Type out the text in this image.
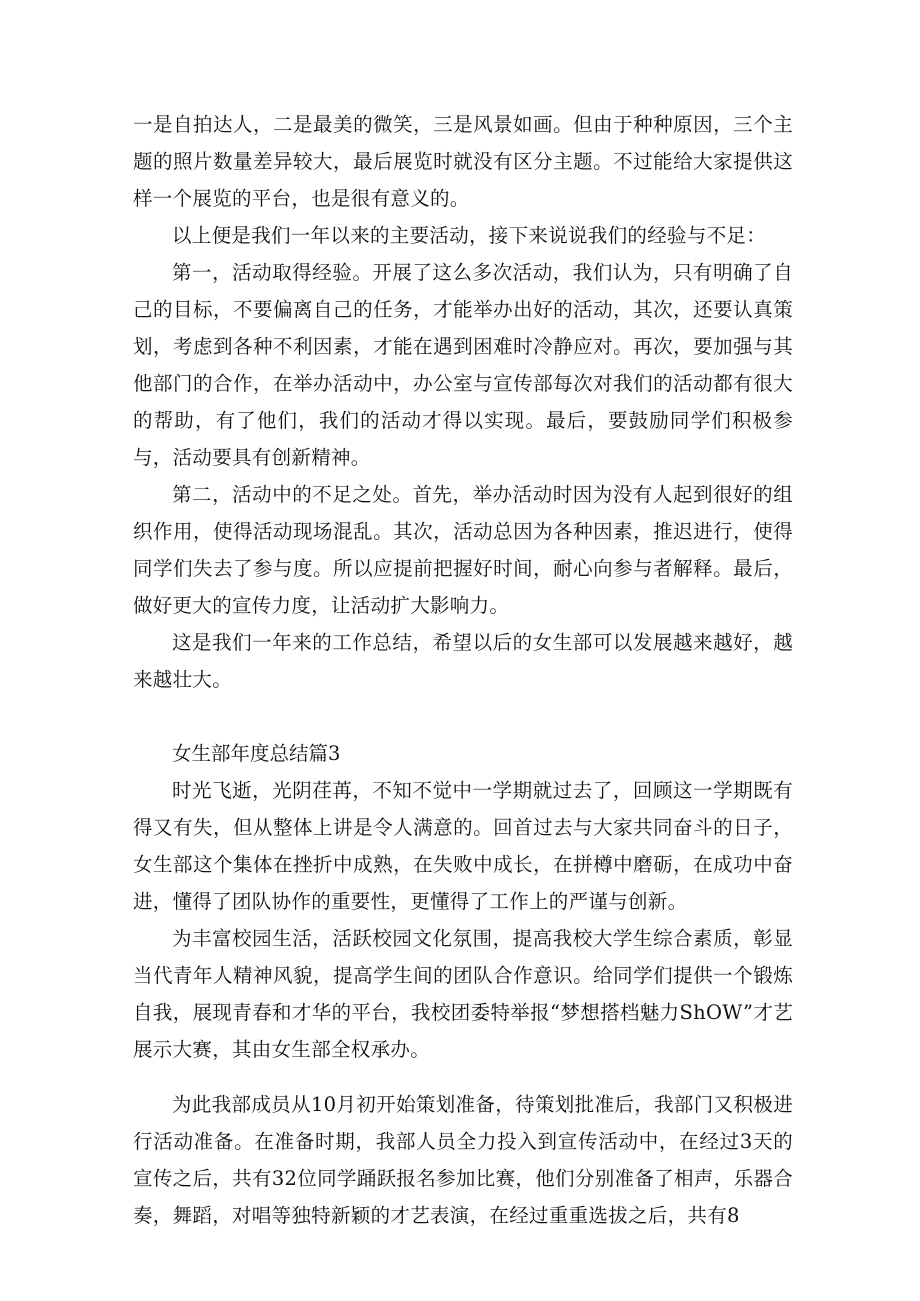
一是自拍达人，二是最美的微笑，三是风景如画。但由于种种原因，三个主题的照片数量差异较大，最后展览时就没有区分主题。不过能给大家提供这样一个展览的平台，也是很有意义的。

以上便是我们一年以来的主要活动，接下来说说我们的经验与不足：

第一，活动取得经验。开展了这么多次活动，我们认为，只有明确了自己的目标，不要偏离自己的任务，才能举办出好的活动，其次，还要认真策划，考虑到各种不利因素，才能在遇到困难时冷静应对。再次，要加强与其他部门的合作，在举办活动中，办公室与宣传部每次对我们的活动都有很大的帮助，有了他们，我们的活动才得以实现。最后，要鼓励同学们积极参与，活动要具有创新精神。

第二，活动中的不足之处。首先，举办活动时因为没有人起到很好的组织作用，使得活动现场混乱。其次，活动总因为各种因素，推迟进行，使得同学们失去了参与度。所以应提前把握好时间，耐心向参与者解释。最后，做好更大的宣传力度，让活动扩大影响力。

这是我们一年来的工作总结，希望以后的女生部可以发展越来越好，越来越壮大。

女生部年度总结篇3

时光飞逝，光阴荏苒，不知不觉中一学期就过去了，回顾这一学期既有得又有失，但从整体上讲是令人满意的。回首过去与大家共同奋斗的日子，女生部这个集体在挫折中成熟，在失败中成长，在拼樽中磨砺，在成功中奋进，懂得了团队协作的重要性，更懂得了工作上的严谨与创新。

为丰富校园生活，活跃校园文化氛围，提高我校大学生综合素质，彰显当代青年人精神风貌，提高学生间的团队合作意识。给同学们提供一个锻炼自我，展现青春和才华的平台，我校团委特举报“梦想搭档魅力ShOW”才艺展示大赛，其由女生部全权承办。

为此我部成员从10月初开始策划准备，待策划批准后，我部门又积极进行活动准备。在准备时期，我部人员全力投入到宣传活动中，在经过3天的宣传之后，共有32位同学踊跃报名参加比赛，他们分别准备了相声，乐器合奏，舞蹈，对唱等独特新颖的才艺表演，在经过重重选拔之后，共有8
